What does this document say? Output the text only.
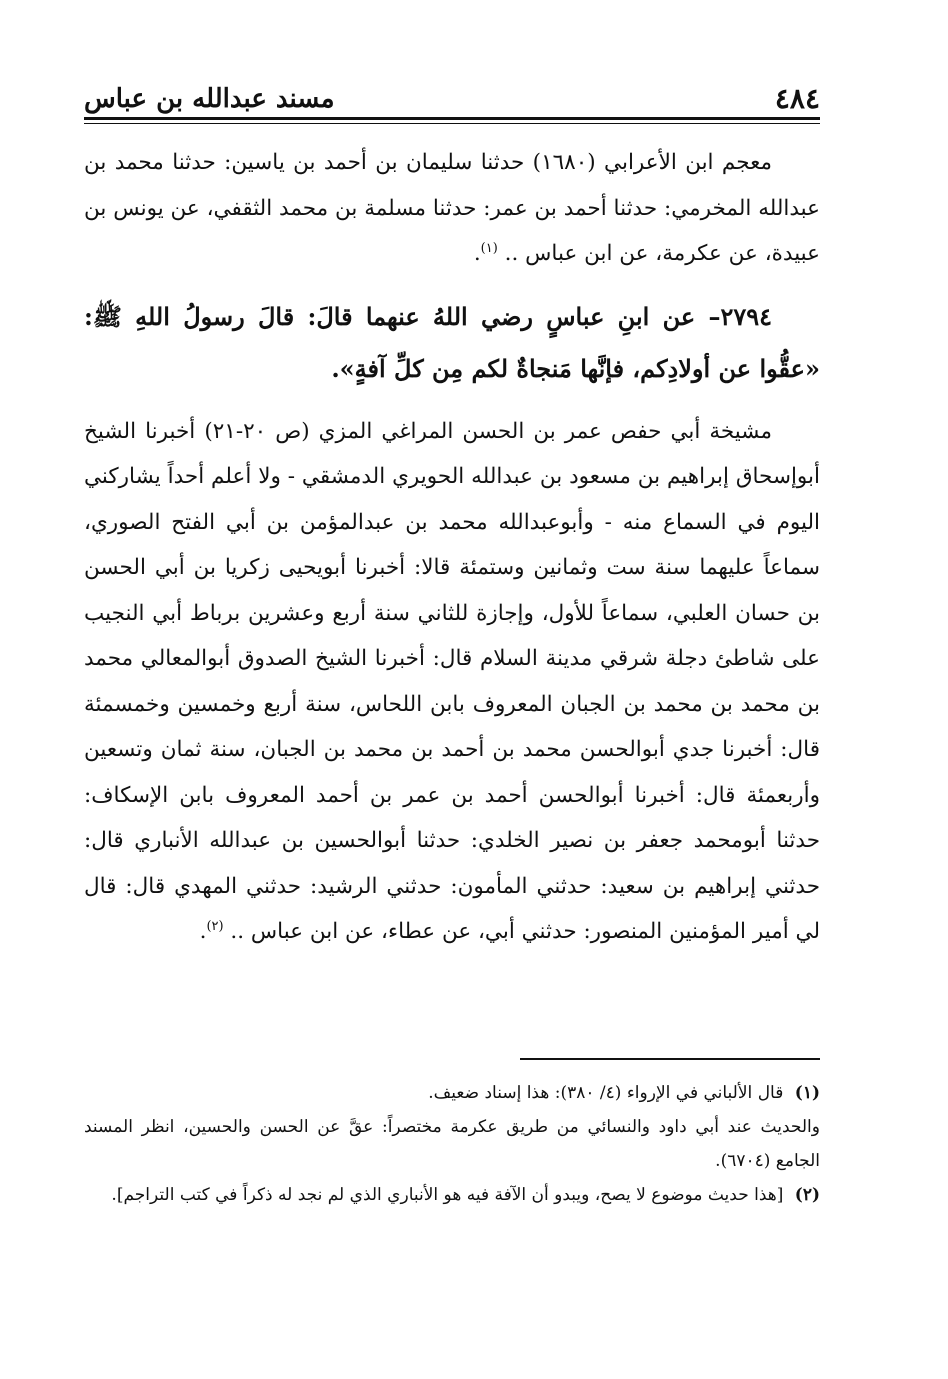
٤٨٤
مسند عبدالله بن عباس

معجم ابن الأعرابي (١٦٨٠) حدثنا سليمان بن أحمد بن ياسين: حدثنا محمد بن عبدالله المخرمي: حدثنا أحمد بن عمر: حدثنا مسلمة بن محمد الثقفي، عن يونس بن عبيدة، عن عكرمة، عن ابن عباس .. $^{(١)}$.

٢٧٩٤– عن ابنِ عباسٍ رضي اللهُ عنهما قالَ: قالَ رسولُ اللهِ ﷺ: «عقُّوا عن أولادِكم، فإنَّها مَنجاةٌ لكم مِن كلِّ آفةٍ».

مشيخة أبي حفص عمر بن الحسن المراغي المزي (ص ٢٠-٢١) أخبرنا الشيخ أبوإسحاق إبراهيم بن مسعود بن عبدالله الحويري الدمشقي - ولا أعلم أحداً يشاركني اليوم في السماع منه - وأبوعبدالله محمد بن عبدالمؤمن بن أبي الفتح الصوري، سماعاً عليهما سنة ست وثمانين وستمئة قالا: أخبرنا أبويحيى زكريا بن أبي الحسن بن حسان العلبي، سماعاً للأول، وإجازة للثاني سنة أربع وعشرين برباط أبي النجيب على شاطئ دجلة شرقي مدينة السلام قال: أخبرنا الشيخ الصدوق أبوالمعالي محمد بن محمد بن محمد بن الجبان المعروف بابن اللحاس، سنة أربع وخمسين وخمسمئة قال: أخبرنا جدي أبوالحسن محمد بن أحمد بن محمد بن الجبان، سنة ثمان وتسعين وأربعمئة قال: أخبرنا أبوالحسن أحمد بن عمر بن أحمد المعروف بابن الإسكاف: حدثنا أبومحمد جعفر بن نصير الخلدي: حدثنا أبوالحسين بن عبدالله الأنباري قال: حدثني إبراهيم بن سعيد: حدثني المأمون: حدثني الرشيد: حدثني المهدي قال: قال لي أمير المؤمنين المنصور: حدثني أبي، عن عطاء، عن ابن عباس .. $^{(٢)}$.

(١) قال الألباني في الإرواء (٤/ ٣٨٠): هذا إسناد ضعيف.

والحديث عند أبي داود والنسائي من طريق عكرمة مختصراً: عقَّ عن الحسن والحسين، انظر المسند الجامع (٦٧٠٤).

(٢) [هذا حديث موضوع لا يصح، ويبدو أن الآفة فيه هو الأنباري الذي لم نجد له ذكراً في كتب التراجم].
